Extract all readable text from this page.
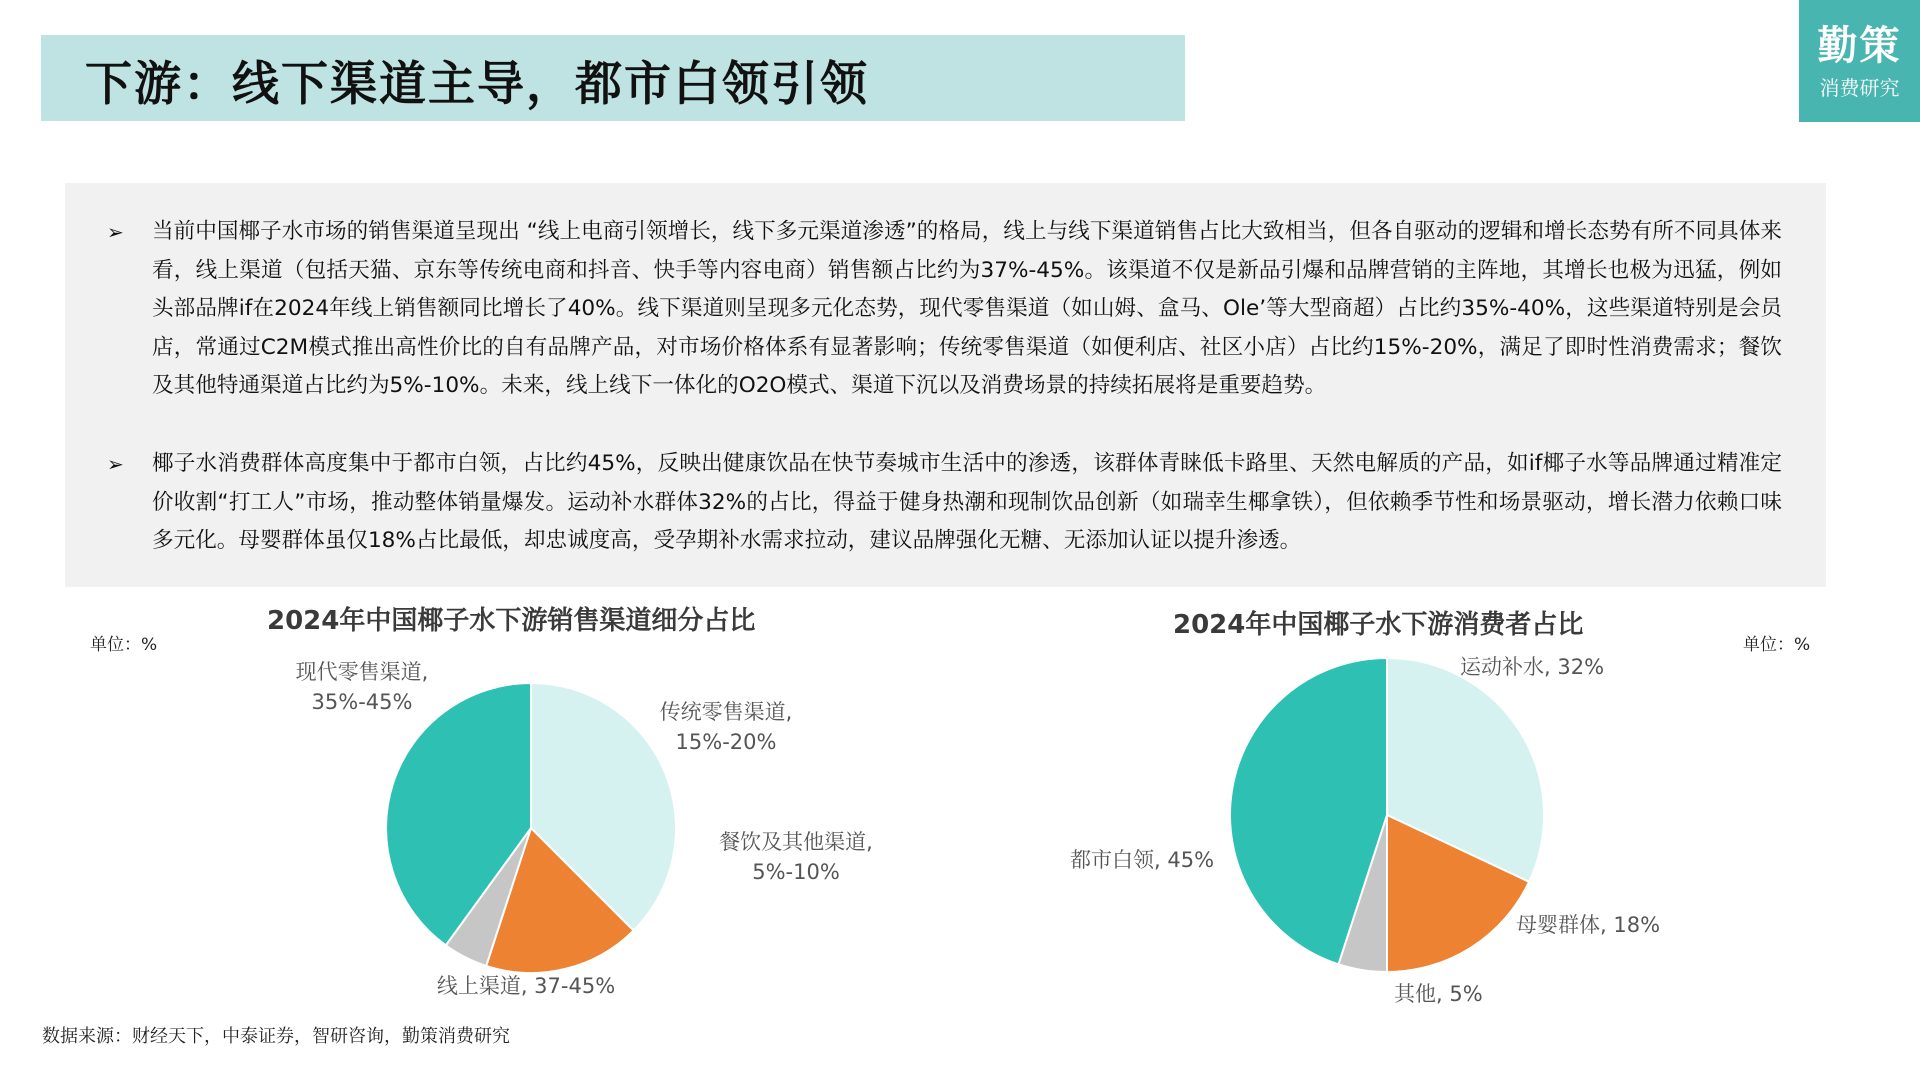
下游：线下渠道主导，都市白领引领
勤策
消费研究
➢ 当前中国椰子水市场的销售渠道呈现出 “线上电商引领增长，线下多元渠道渗透”的格局，线上与线下渠道销售占比大致相当，但各自驱动的逻辑和增长态势有所不同具体来看，线上渠道（包括天猫、京东等传统电商和抖音、快手等内容电商）销售额占比约为37%-45%。该渠道不仅是新品引爆和品牌营销的主阵地，其增长也极为迅猛，例如头部品牌if在2024年线上销售额同比增长了40%。线下渠道则呈现多元化态势，现代零售渠道（如山姆、盒马、Ole’等大型商超）占比约35%-40%，这些渠道特别是会员店，常通过C2M模式推出高性价比的自有品牌产品，对市场价格体系有显著影响；传统零售渠道（如便利店、社区小店）占比约15%-20%，满足了即时性消费需求；餐饮及其他特通渠道占比约为5%-10%。未来，线上线下一体化的O2O模式、渠道下沉以及消费场景的持续拓展将是重要趋势。
➢ 椰子水消费群体高度集中于都市白领，占比约45%，反映出健康饮品在快节奏城市生活中的渗透，该群体青睐低卡路里、天然电解质的产品，如if椰子水等品牌通过精准定价收割“打工人”市场，推动整体销量爆发。运动补水群体32%的占比，得益于健身热潮和现制饮品创新（如瑞幸生椰拿铁），但依赖季节性和场景驱动，增长潜力依赖口味多元化。母婴群体虽仅18%占比最低，却忠诚度高，受孕期补水需求拉动，建议品牌强化无糖、无添加认证以提升渗透。
2024年中国椰子水下游销售渠道细分占比
单位：%
2024年中国椰子水下游消费者占比
单位：%
现代零售渠道, 35%-45%	传统零售渠道, 15%-20%
餐饮及其他渠道, 5%-10%
线上渠道, 37-45%
运动补水, 32%
母婴群体, 18%
其他, 5%
都市白领, 45%
数据来源：财经天下，中泰证券，智研咨询，勤策消费研究
